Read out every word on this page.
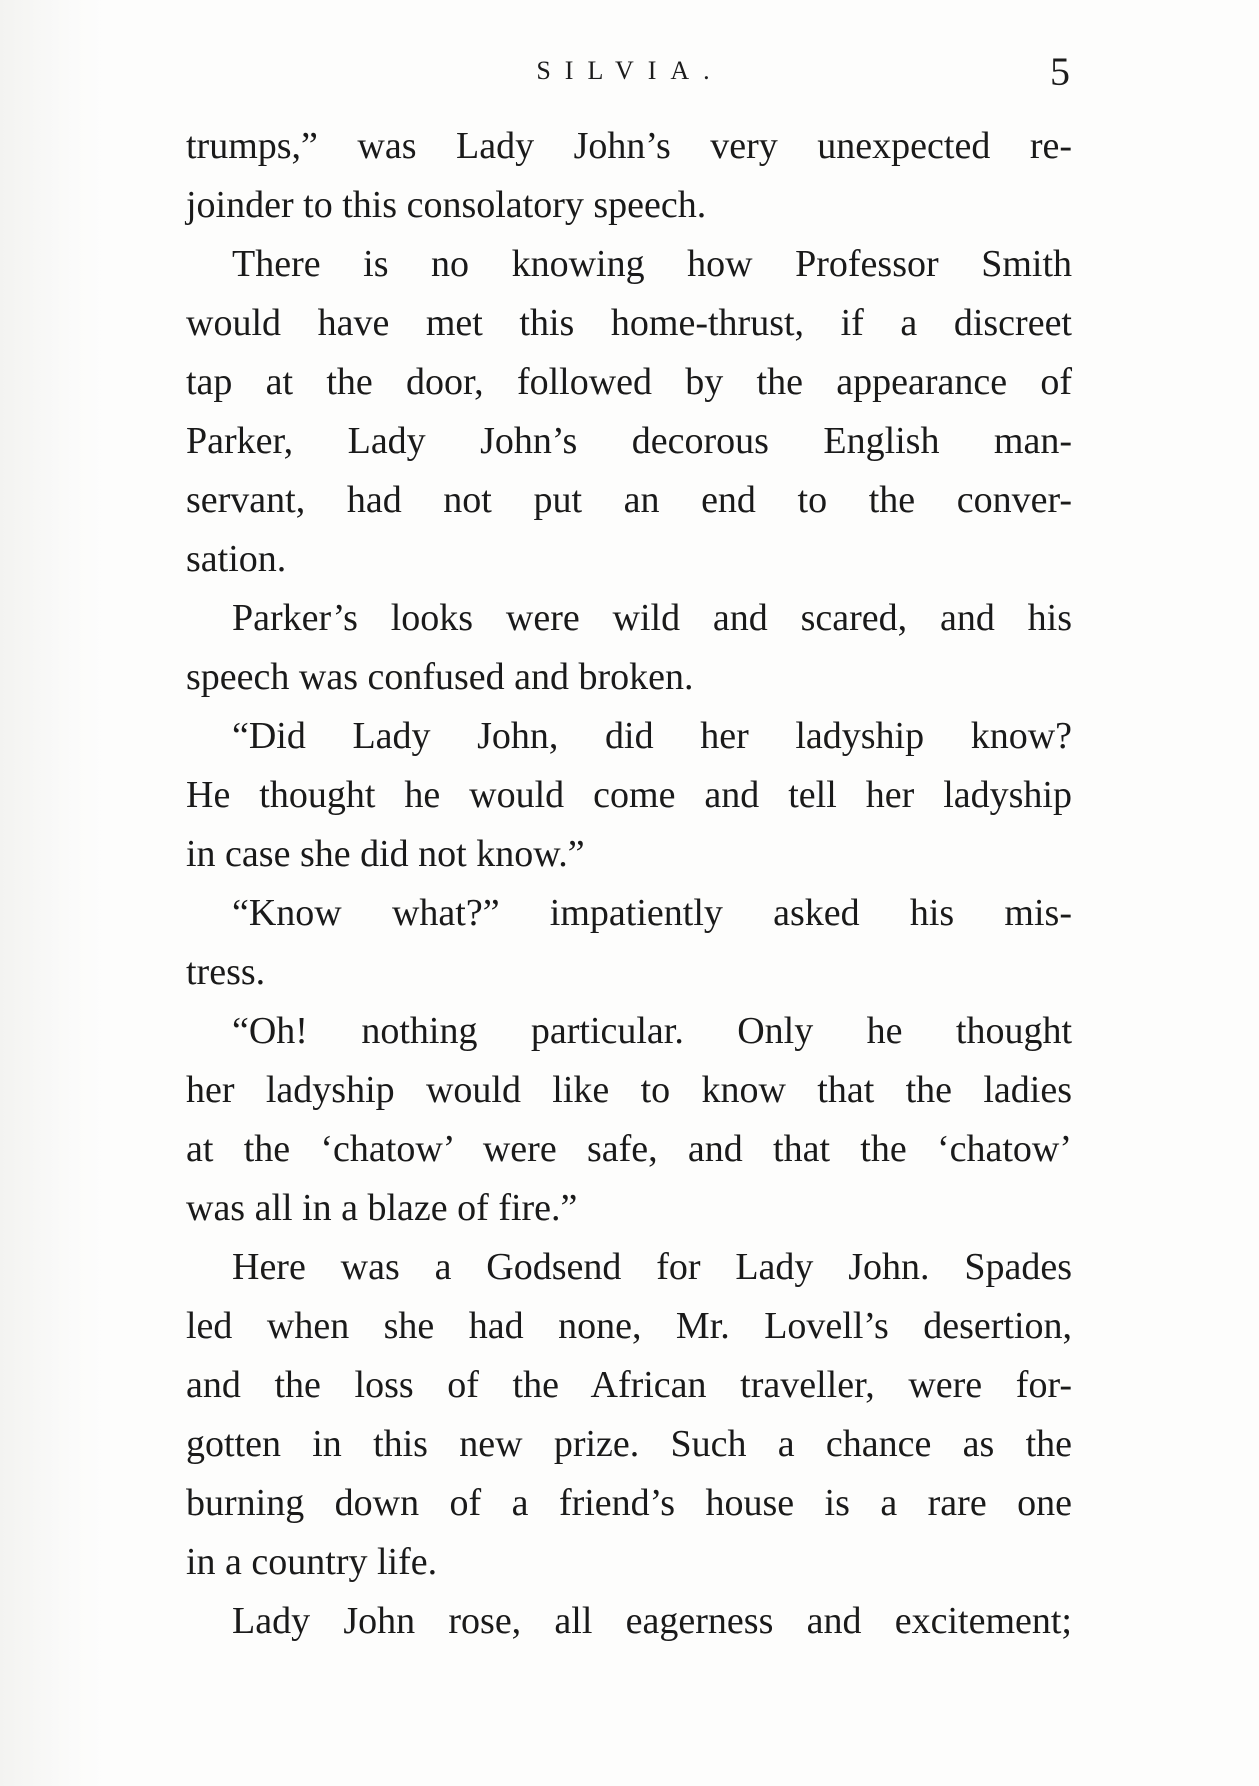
SILVIA.	5
trumps,” was Lady John’s very unexpected re-
joinder to this consolatory speech.
There is no knowing how Professor Smith
would have met this home-thrust, if a discreet
tap at the door, followed by the appearance of
Parker, Lady John’s decorous English man-
servant, had not put an end to the conver-
sation.
Parker’s looks were wild and scared, and his
speech was confused and broken.
“Did Lady John, did her ladyship know?
He thought he would come and tell her ladyship
in case she did not know.”
“Know what?” impatiently asked his mis-
tress.
“Oh! nothing particular. Only he thought
her ladyship would like to know that the ladies
at the ‘chatow’ were safe, and that the ‘chatow’
was all in a blaze of fire.”
Here was a Godsend for Lady John. Spades
led when she had none, Mr. Lovell’s desertion,
and the loss of the African traveller, were for-
gotten in this new prize. Such a chance as the
burning down of a friend’s house is a rare one
in a country life.
Lady John rose, all eagerness and excitement;
